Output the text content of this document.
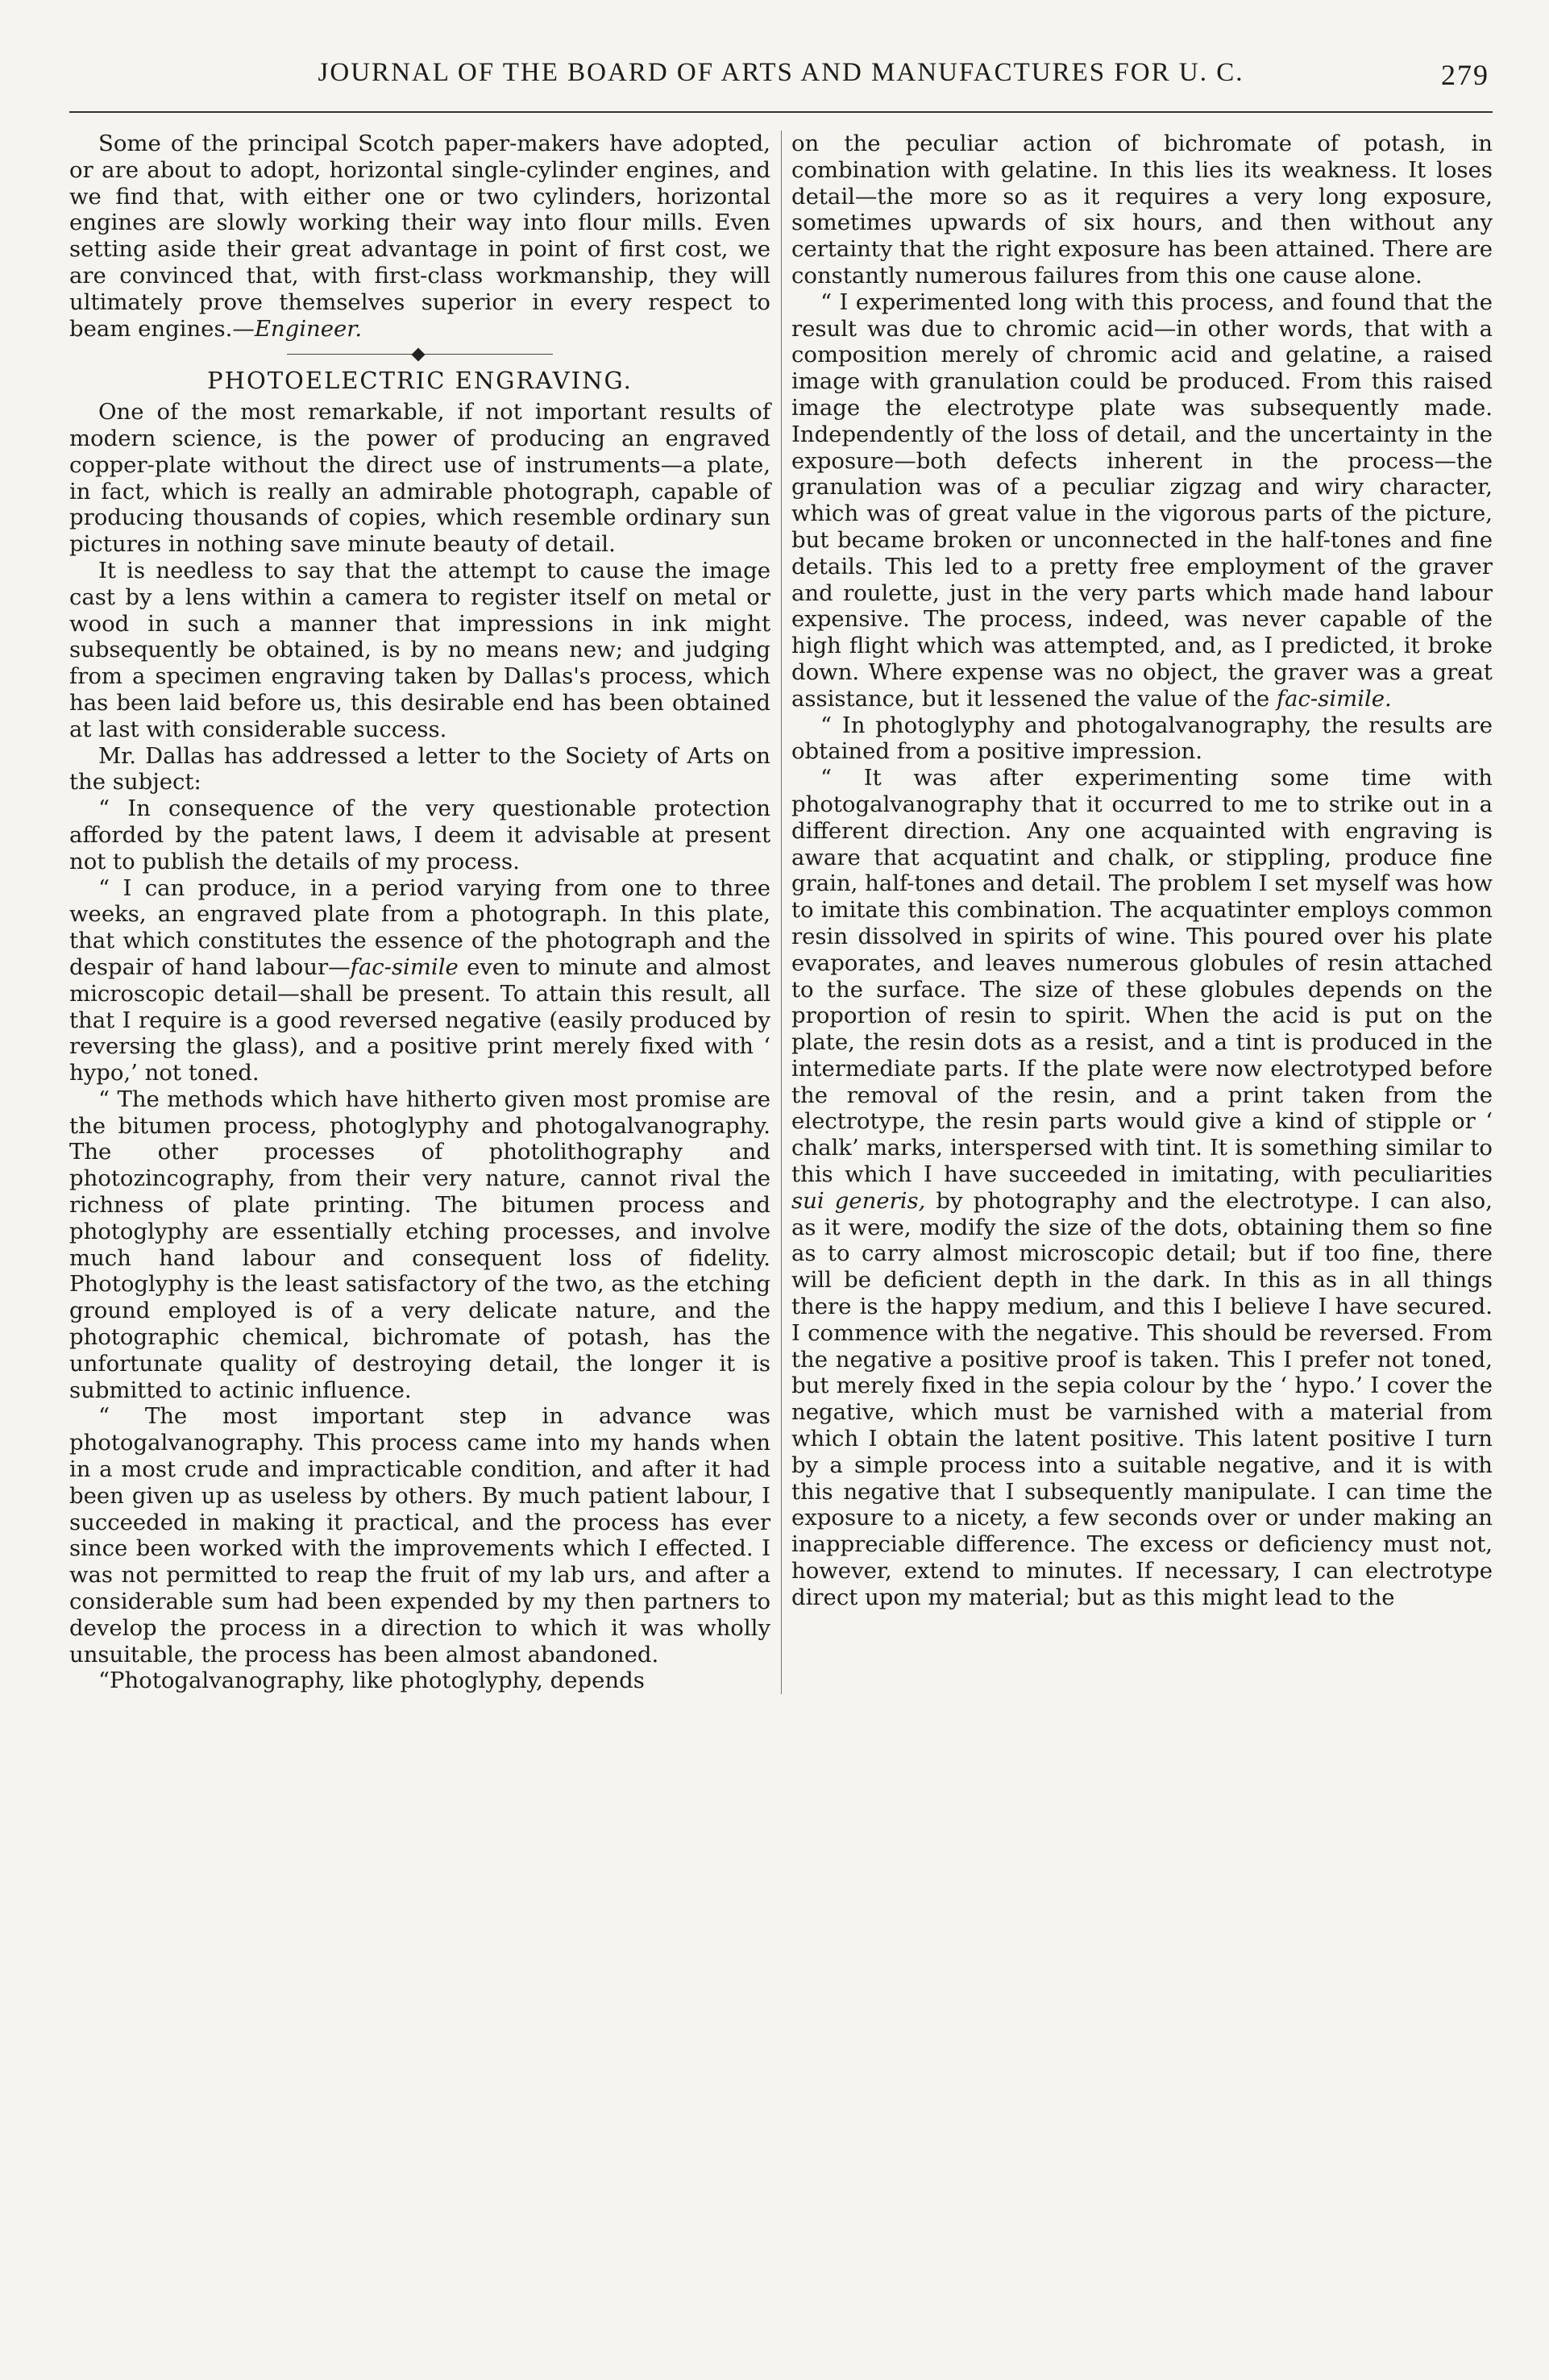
JOURNAL OF THE BOARD OF ARTS AND MANUFACTURES FOR U. C.	279

Some of the principal Scotch paper-makers have adopted, or are about to adopt, horizontal single-cylinder engines, and we find that, with either one or two cylinders, horizontal engines are slowly working their way into flour mills. Even setting aside their great advantage in point of first cost, we are convinced that, with first-class workmanship, they will ultimately prove themselves superior in every respect to beam engines.—Engineer.

PHOTOELECTRIC ENGRAVING.

One of the most remarkable, if not important results of modern science, is the power of producing an engraved copper-plate without the direct use of instruments—a plate, in fact, which is really an admirable photograph, capable of producing thousands of copies, which resemble ordinary sun pictures in nothing save minute beauty of detail.

It is needless to say that the attempt to cause the image cast by a lens within a camera to register itself on metal or wood in such a manner that impressions in ink might subsequently be obtained, is by no means new; and judging from a specimen engraving taken by Dallas's process, which has been laid before us, this desirable end has been obtained at last with considerable success.

Mr. Dallas has addressed a letter to the Society of Arts on the subject:

“ In consequence of the very questionable protection afforded by the patent laws, I deem it advisable at present not to publish the details of my process.

“ I can produce, in a period varying from one to three weeks, an engraved plate from a photograph. In this plate, that which constitutes the essence of the photograph and the despair of hand labour—fac-simile even to minute and almost microscopic detail—shall be present. To attain this result, all that I require is a good reversed negative (easily produced by reversing the glass), and a positive print merely fixed with ‘ hypo,’ not toned.

“ The methods which have hitherto given most promise are the bitumen process, photoglyphy and photogalvanography. The other processes of photolithography and photozincography, from their very nature, cannot rival the richness of plate printing. The bitumen process and photoglyphy are essentially etching processes, and involve much hand labour and consequent loss of fidelity. Photoglyphy is the least satisfactory of the two, as the etching ground employed is of a very delicate nature, and the photographic chemical, bichromate of potash, has the unfortunate quality of destroying detail, the longer it is submitted to actinic influence.

“ The most important step in advance was photogalvanography. This process came into my hands when in a most crude and impracticable condition, and after it had been given up as useless by others. By much patient labour, I succeeded in making it practical, and the process has ever since been worked with the improvements which I effected. I was not permitted to reap the fruit of my lab urs, and after a considerable sum had been expended by my then partners to develop the process in a direction to which it was wholly unsuitable, the process has been almost abandoned.

“Photogalvanography, like photoglyphy, depends

on the peculiar action of bichromate of potash, in combination with gelatine. In this lies its weakness. It loses detail—the more so as it requires a very long exposure, sometimes upwards of six hours, and then without any certainty that the right exposure has been attained. There are constantly numerous failures from this one cause alone.

“ I experimented long with this process, and found that the result was due to chromic acid—in other words, that with a composition merely of chromic acid and gelatine, a raised image with granulation could be produced. From this raised image the electrotype plate was subsequently made. Independently of the loss of detail, and the uncertainty in the exposure—both defects inherent in the process—the granulation was of a peculiar zigzag and wiry character, which was of great value in the vigorous parts of the picture, but became broken or unconnected in the half-tones and fine details. This led to a pretty free employment of the graver and roulette, just in the very parts which made hand labour expensive. The process, indeed, was never capable of the high flight which was attempted, and, as I predicted, it broke down. Where expense was no object, the graver was a great assistance, but it lessened the value of the fac-simile.

“ In photoglyphy and photogalvanography, the results are obtained from a positive impression.

“ It was after experimenting some time with photogalvanography that it occurred to me to strike out in a different direction. Any one acquainted with engraving is aware that acquatint and chalk, or stippling, produce fine grain, half-tones and detail. The problem I set myself was how to imitate this combination. The acquatinter employs common resin dissolved in spirits of wine. This poured over his plate evaporates, and leaves numerous globules of resin attached to the surface. The size of these globules depends on the proportion of resin to spirit. When the acid is put on the plate, the resin dots as a resist, and a tint is produced in the intermediate parts. If the plate were now electrotyped before the removal of the resin, and a print taken from the electrotype, the resin parts would give a kind of stipple or ‘ chalk’ marks, interspersed with tint. It is something similar to this which I have succeeded in imitating, with peculiarities sui generis, by photography and the electrotype. I can also, as it were, modify the size of the dots, obtaining them so fine as to carry almost microscopic detail; but if too fine, there will be deficient depth in the dark. In this as in all things there is the happy medium, and this I believe I have secured. I commence with the negative. This should be reversed. From the negative a positive proof is taken. This I prefer not toned, but merely fixed in the sepia colour by the ‘ hypo.’ I cover the negative, which must be varnished with a material from which I obtain the latent positive. This latent positive I turn by a simple process into a suitable negative, and it is with this negative that I subsequently manipulate. I can time the exposure to a nicety, a few seconds over or under making an inappreciable difference. The excess or deficiency must not, however, extend to minutes. If necessary, I can electrotype direct upon my material; but as this might lead to the
